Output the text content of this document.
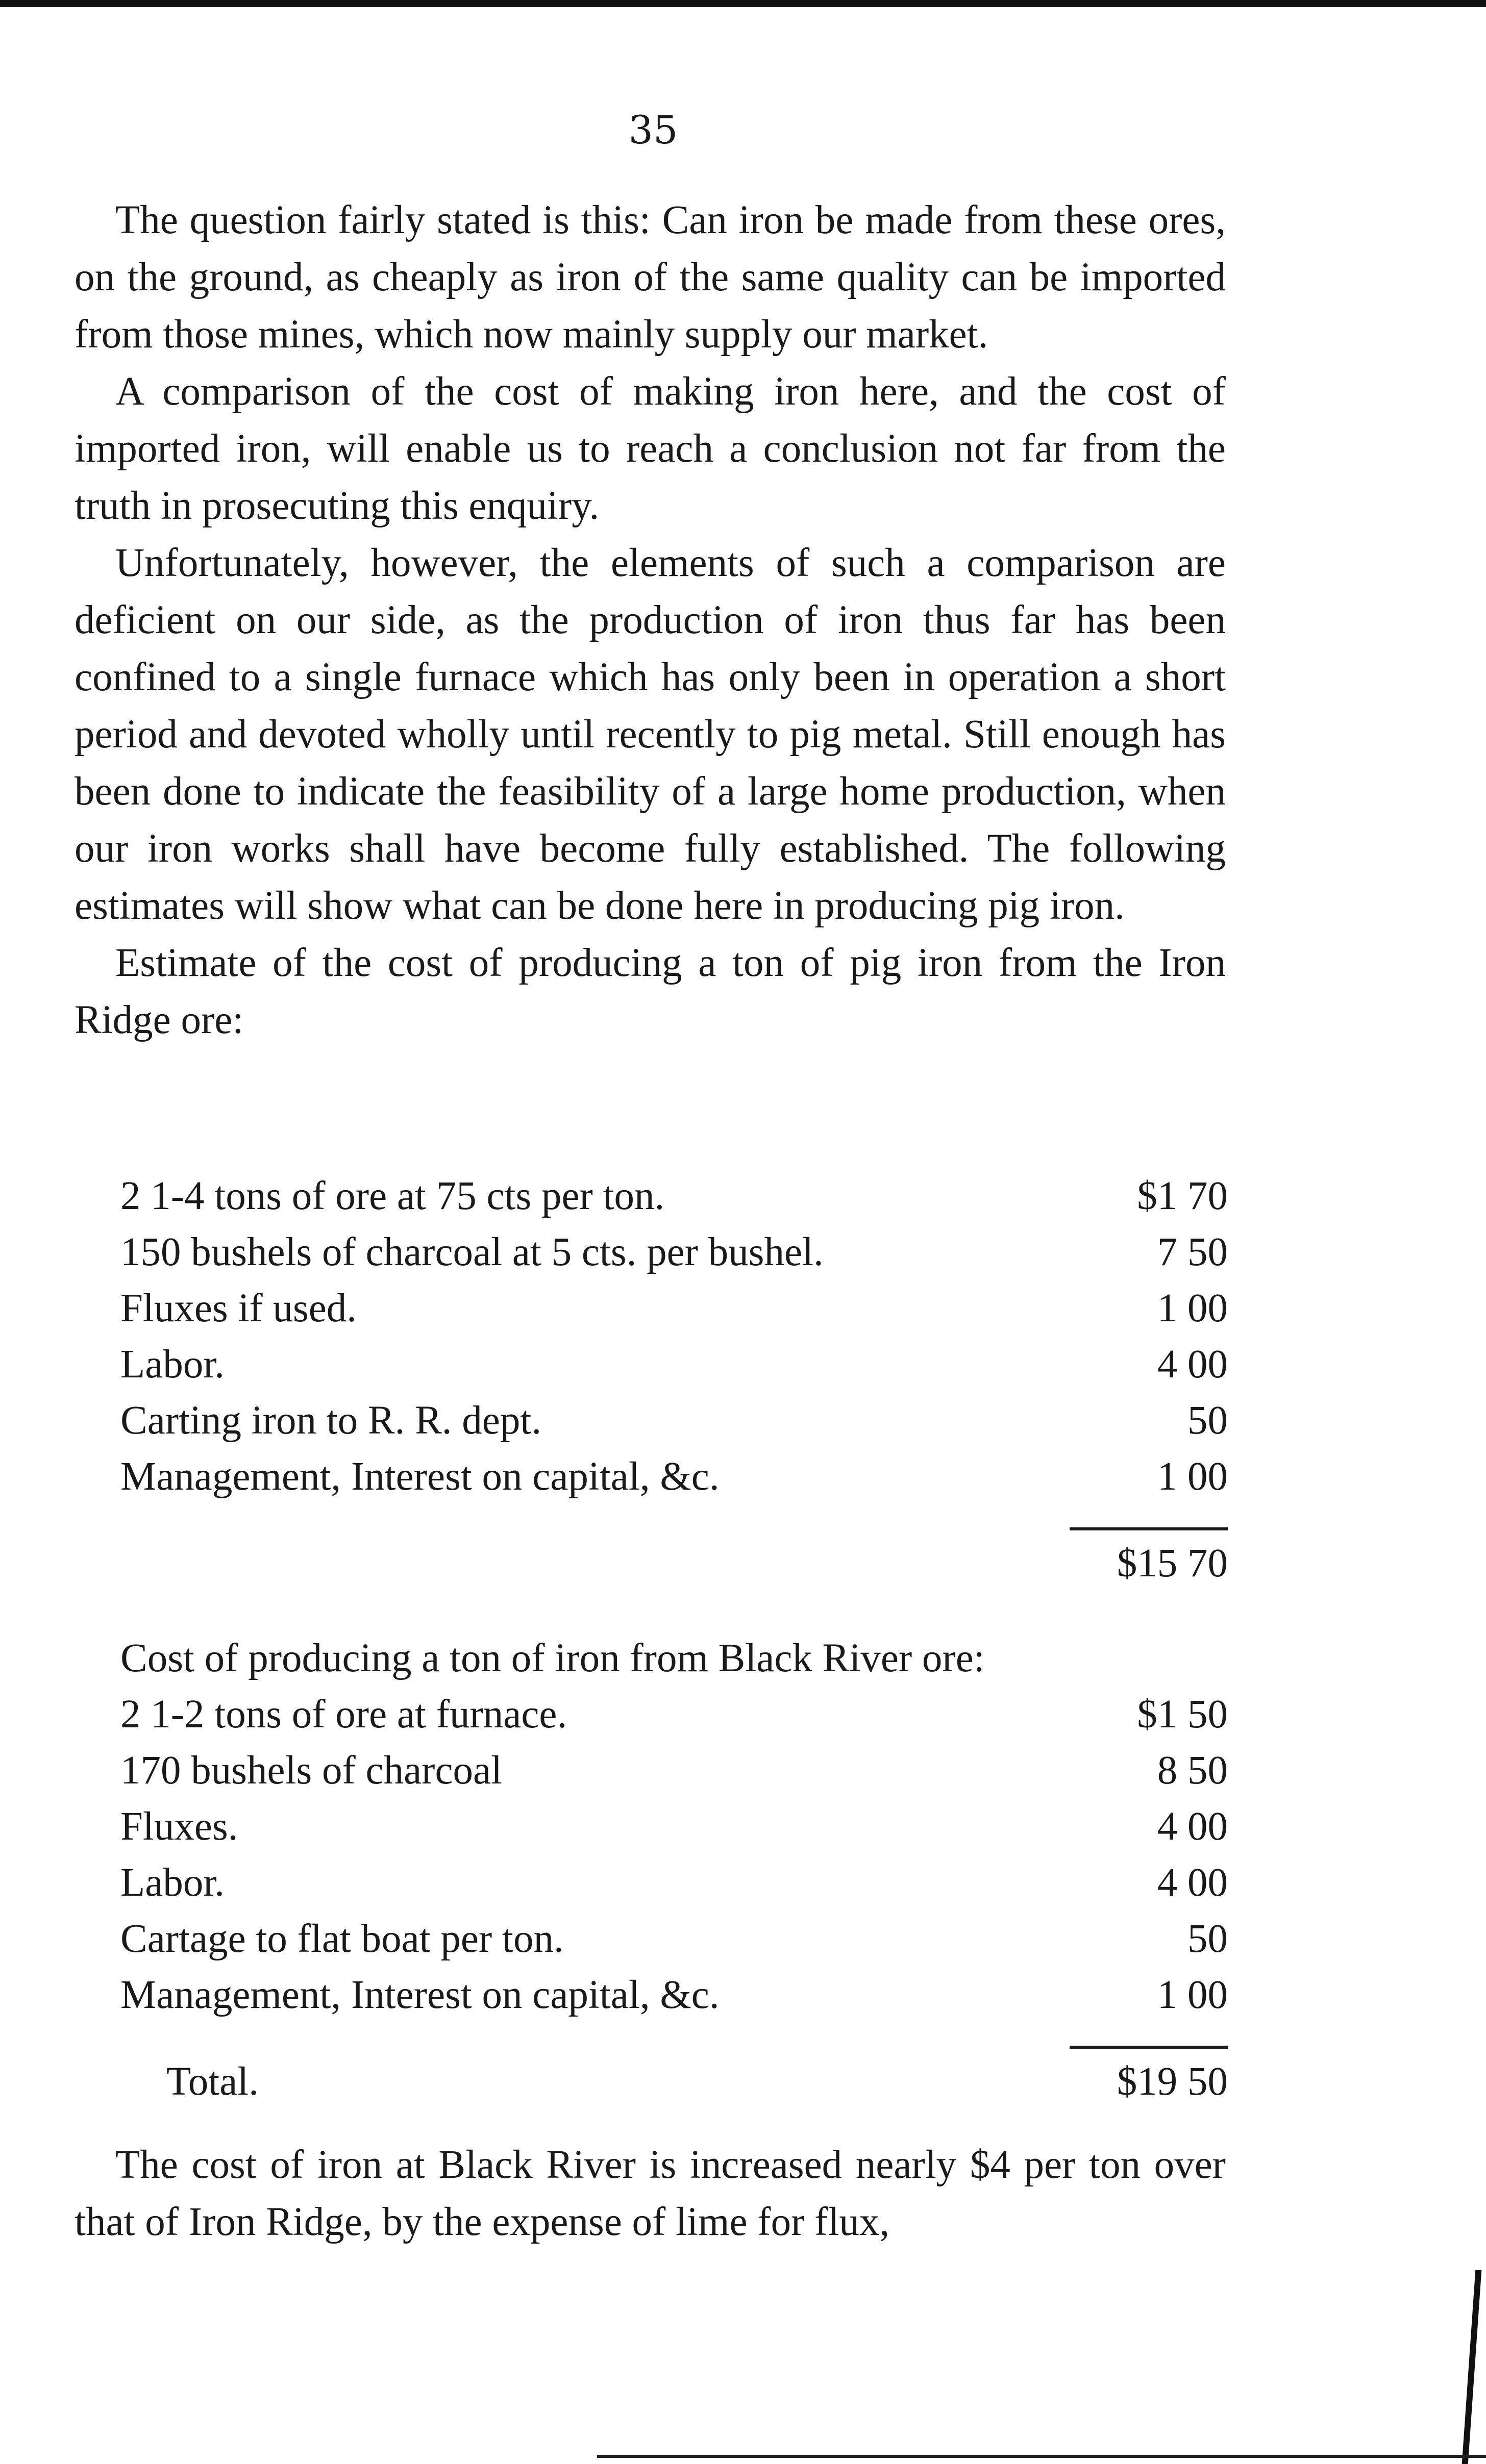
35

The question fairly stated is this: Can iron be made from these ores, on the ground, as cheaply as iron of the same quality can be imported from those mines, which now mainly supply our market.

A comparison of the cost of making iron here, and the cost of imported iron, will enable us to reach a conclusion not far from the truth in prosecuting this enquiry.

Unfortunately, however, the elements of such a comparison are deficient on our side, as the production of iron thus far has been confined to a single furnace which has only been in operation a short period and devoted wholly until recently to pig metal. Still enough has been done to indicate the feasibility of a large home production, when our iron works shall have become fully established. The following estimates will show what can be done here in producing pig iron.

Estimate of the cost of producing a ton of pig iron from the Iron Ridge ore:

2 1-4 tons of ore at 75 cts per ton.	$1 70
150 bushels of charcoal at 5 cts. per bushel.	7 50
Fluxes if used.	1 00
Labor.	4 00
Carting iron to R. R. dept.	50
Management, Interest on capital, &c.	1 00
$15 70
Cost of producing a ton of iron from Black River ore:
2 1-2 tons of ore at furnace.	$1 50
170 bushels of charcoal	8 50
Fluxes.	4 00
Labor.	4 00
Cartage to flat boat per ton.	50
Management, Interest on capital, &c.	1 00
Total.	$19 50

The cost of iron at Black River is increased nearly $4 per ton over that of Iron Ridge, by the expense of lime for flux,
